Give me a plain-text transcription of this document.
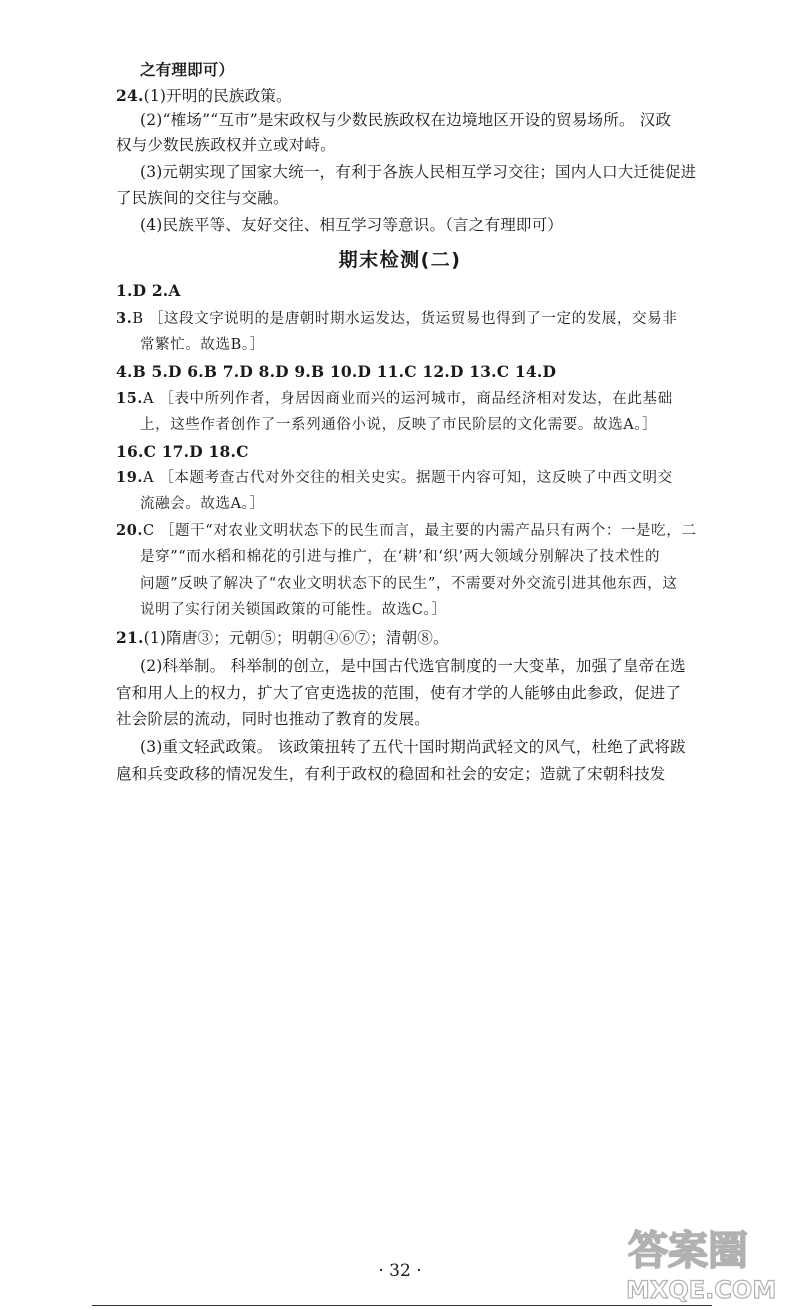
之有理即可）
24.(1)开明的民族政策。
(2)“榷场”“互市”是宋政权与少数民族政权在边境地区开设的贸易场所。 汉政
权与少数民族政权并立或对峙。
(3)元朝实现了国家大统一，有利于各族人民相互学习交往；国内人口大迁徙促进
了民族间的交往与交融。
(4)民族平等、友好交往、相互学习等意识。（言之有理即可）
期末检测(二)
1.D 2.A
3.B ［这段文字说明的是唐朝时期水运发达，货运贸易也得到了一定的发展，交易非
常繁忙。故选B。］
4.B 5.D 6.B 7.D 8.D 9.B 10.D 11.C 12.D 13.C 14.D
15.A ［表中所列作者，身居因商业而兴的运河城市，商品经济相对发达，在此基础
上，这些作者创作了一系列通俗小说，反映了市民阶层的文化需要。故选A。］
16.C 17.D 18.C
19.A ［本题考查古代对外交往的相关史实。据题干内容可知，这反映了中西文明交
流融会。故选A。］
20.C ［题干“对农业文明状态下的民生而言，最主要的内需产品只有两个：一是吃，二
是穿”“而水稻和棉花的引进与推广，在‘耕’和‘织’两大领域分别解决了技术性的
问题”反映了解决了“农业文明状态下的民生”，不需要对外交流引进其他东西，这
说明了实行闭关锁国政策的可能性。故选C。］
21.(1)隋唐③；元朝⑤；明朝④⑥⑦；清朝⑧。
(2)科举制。 科举制的创立，是中国古代选官制度的一大变革，加强了皇帝在选
官和用人上的权力，扩大了官吏选拔的范围，使有才学的人能够由此参政，促进了
社会阶层的流动，同时也推动了教育的发展。
(3)重文轻武政策。 该政策扭转了五代十国时期尚武轻文的风气，杜绝了武将跋
扈和兵变政移的情况发生，有利于政权的稳固和社会的安定；造就了宋朝科技发
· 32 ·	答案圈
MXQE.COM
